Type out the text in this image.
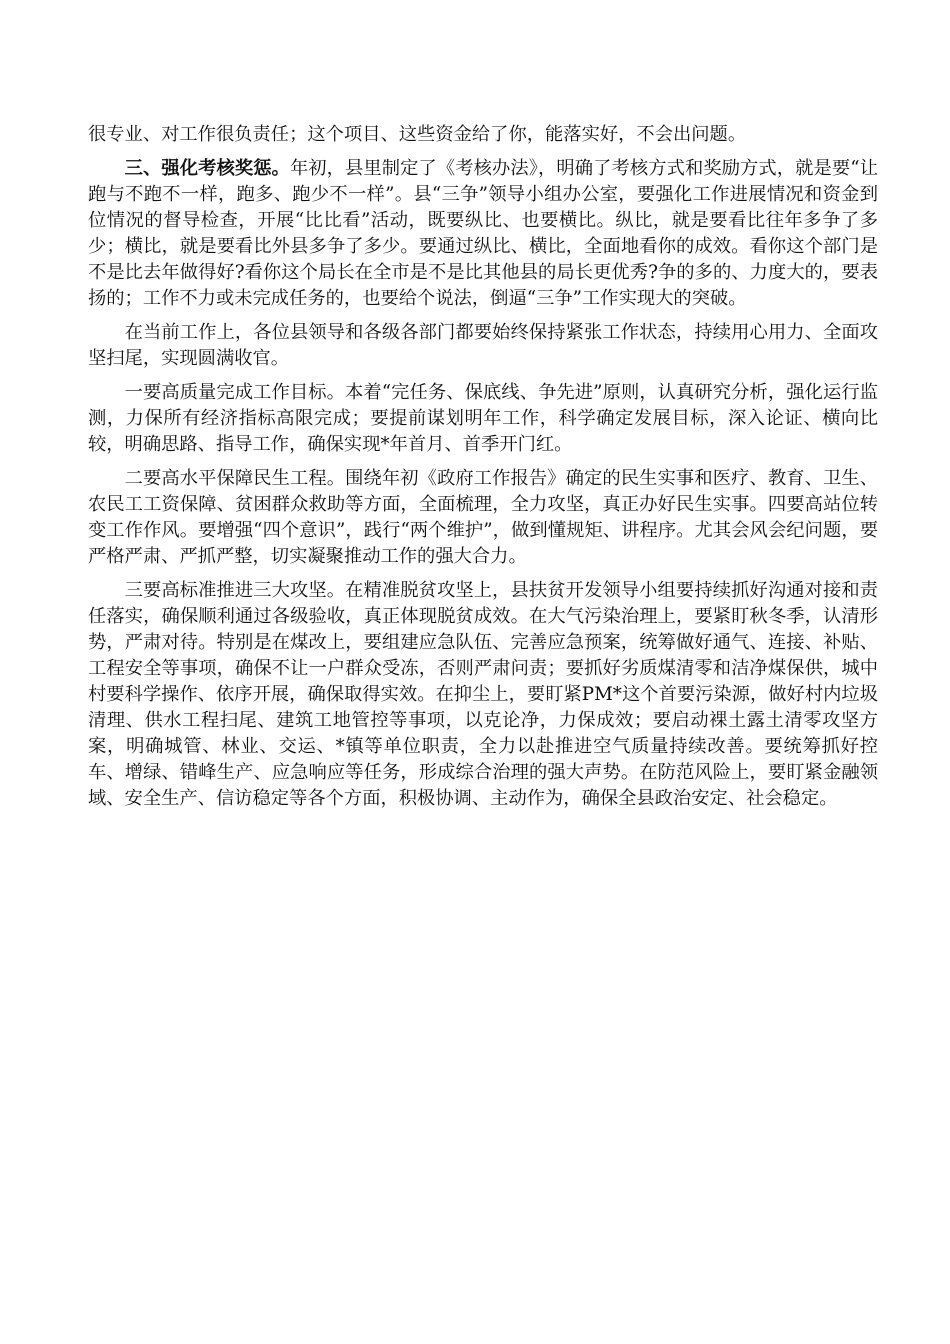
很专业、对工作很负责任；这个项目、这些资金给了你，能落实好，不会出问题。

三、强化考核奖惩。年初，县里制定了《考核办法》，明确了考核方式和奖励方式，就是要“让跑与不跑不一样，跑多、跑少不一样”。县“三争”领导小组办公室，要强化工作进展情况和资金到位情况的督导检查，开展“比比看”活动，既要纵比、也要横比。纵比，就是要看比往年多争了多少；横比，就是要看比外县多争了多少。要通过纵比、横比，全面地看你的成效。看你这个部门是不是比去年做得好?看你这个局长在全市是不是比其他县的局长更优秀?争的多的、力度大的，要表扬的；工作不力或未完成任务的，也要给个说法，倒逼“三争”工作实现大的突破。

在当前工作上，各位县领导和各级各部门都要始终保持紧张工作状态，持续用心用力、全面攻坚扫尾，实现圆满收官。

一要高质量完成工作目标。本着“完任务、保底线、争先进”原则，认真研究分析，强化运行监测，力保所有经济指标高限完成；要提前谋划明年工作，科学确定发展目标，深入论证、横向比较，明确思路、指导工作，确保实现*年首月、首季开门红。

二要高水平保障民生工程。围绕年初《政府工作报告》确定的民生实事和医疗、教育、卫生、农民工工资保障、贫困群众救助等方面，全面梳理，全力攻坚，真正办好民生实事。四要高站位转变工作作风。要增强“四个意识”，践行“两个维护”，做到懂规矩、讲程序。尤其会风会纪问题，要严格严肃、严抓严整，切实凝聚推动工作的强大合力。

三要高标准推进三大攻坚。在精准脱贫攻坚上，县扶贫开发领导小组要持续抓好沟通对接和责任落实，确保顺利通过各级验收，真正体现脱贫成效。在大气污染治理上，要紧盯秋冬季，认清形势，严肃对待。特别是在煤改上，要组建应急队伍、完善应急预案，统筹做好通气、连接、补贴、工程安全等事项，确保不让一户群众受冻，否则严肃问责；要抓好劣质煤清零和洁净煤保供，城中村要科学操作、依序开展，确保取得实效。在抑尘上，要盯紧PM*这个首要污染源，做好村内垃圾清理、供水工程扫尾、建筑工地管控等事项，以克论净，力保成效；要启动裸土露土清零攻坚方案，明确城管、林业、交运、*镇等单位职责，全力以赴推进空气质量持续改善。要统筹抓好控车、增绿、错峰生产、应急响应等任务，形成综合治理的强大声势。在防范风险上，要盯紧金融领域、安全生产、信访稳定等各个方面，积极协调、主动作为，确保全县政治安定、社会稳定。
